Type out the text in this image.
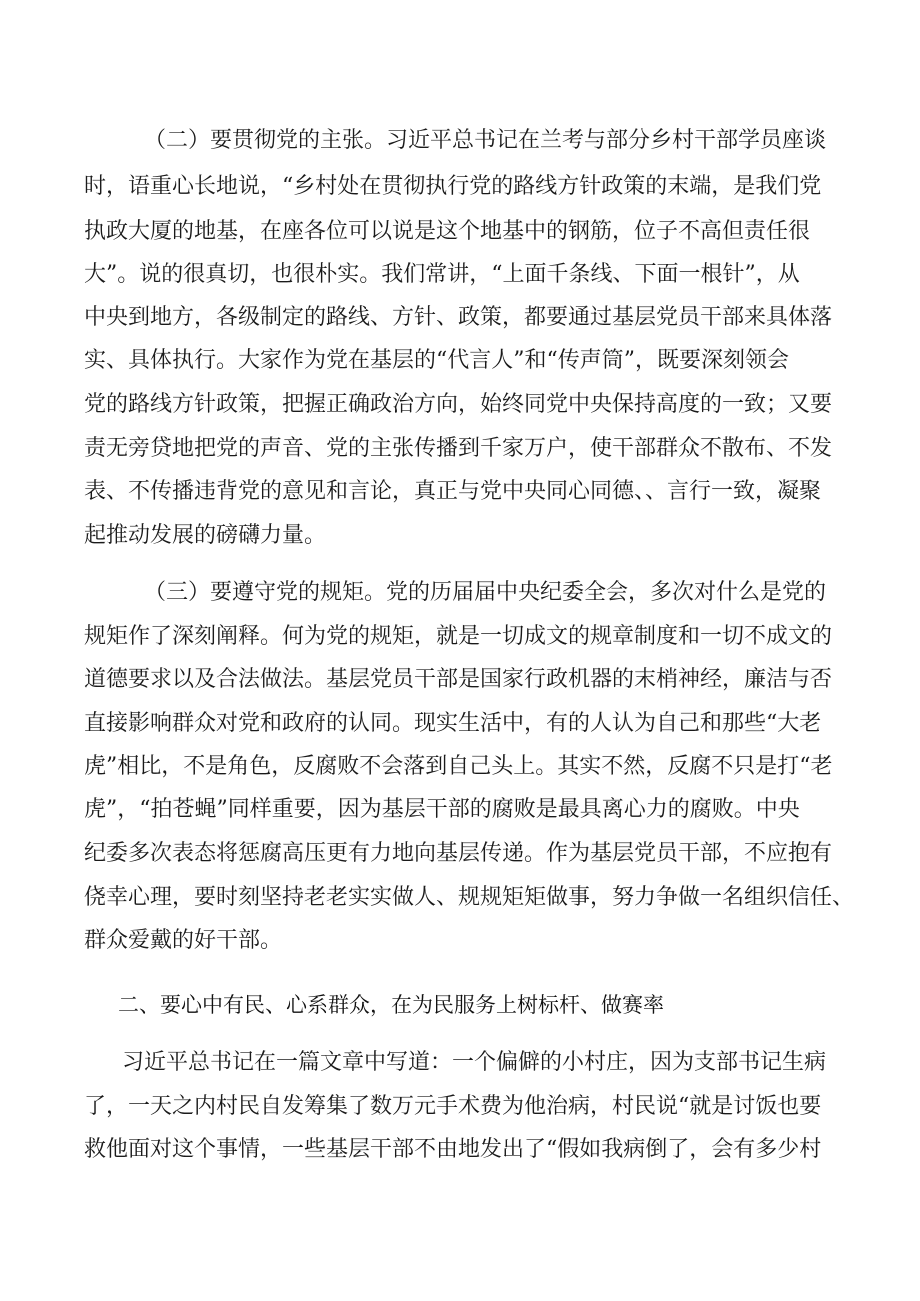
（二）要贯彻党的主张。习近平总书记在兰考与部分乡村干部学员座谈

时，语重心长地说，“乡村处在贯彻执行党的路线方针政策的末端，是我们党

执政大厦的地基，在座各位可以说是这个地基中的钢筋，位子不高但责任很

大”。说的很真切，也很朴实。我们常讲，“上面千条线、下面一根针”，从

中央到地方，各级制定的路线、方针、政策，都要通过基层党员干部来具体落

实、具体执行。大家作为党在基层的“代言人”和“传声筒”，既要深刻领会

党的路线方针政策，把握正确政治方向，始终同党中央保持高度的一致；又要

责无旁贷地把党的声音、党的主张传播到千家万户，使干部群众不散布、不发

表、不传播违背党的意见和言论，真正与党中央同心同德、、言行一致，凝聚

起推动发展的磅礴力量。

（三）要遵守党的规矩。党的历届届中央纪委全会，多次对什么是党的

规矩作了深刻阐释。何为党的规矩，就是一切成文的规章制度和一切不成文的

道德要求以及合法做法。基层党员干部是国家行政机器的末梢神经，廉洁与否

直接影响群众对党和政府的认同。现实生活中，有的人认为自己和那些“大老

虎”相比，不是角色，反腐败不会落到自己头上。其实不然，反腐不只是打“老

虎”，“拍苍蝇”同样重要，因为基层干部的腐败是最具离心力的腐败。中央

纪委多次表态将惩腐高压更有力地向基层传递。作为基层党员干部，不应抱有

侥幸心理，要时刻坚持老老实实做人、规规矩矩做事，努力争做一名组织信任、

群众爱戴的好干部。

二、要心中有民、心系群众，在为民服务上树标杆、做赛率

习近平总书记在一篇文章中写道：一个偏僻的小村庄，因为支部书记生病

了，一天之内村民自发筹集了数万元手术费为他治病，村民说“就是讨饭也要

救他面对这个事情，一些基层干部不由地发出了“假如我病倒了，会有多少村
